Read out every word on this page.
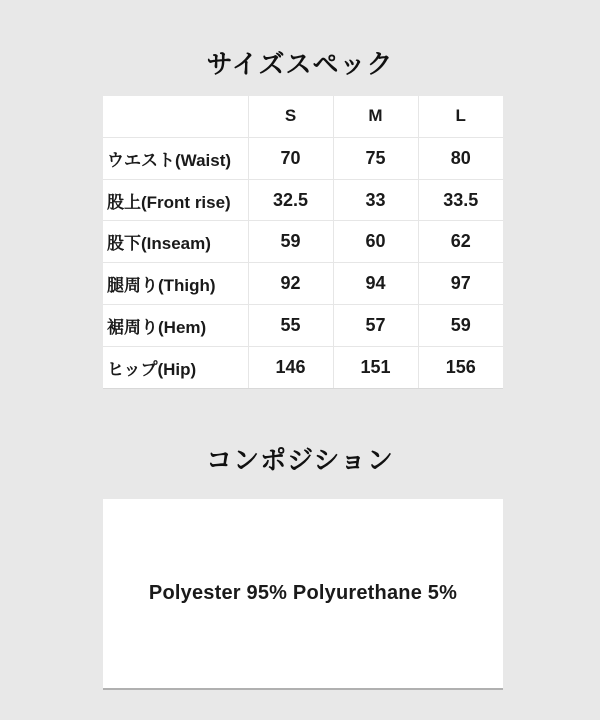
サイズスペック
	S	M	L
ウエスト(Waist)	70	75	80
股上(Front rise)	32.5	33	33.5
股下(Inseam)	59	60	62
腿周り(Thigh)	92	94	97
裾周り(Hem)	55	57	59
ヒップ(Hip)	146	151	156
コンポジション
Polyester 95% Polyurethane 5%
